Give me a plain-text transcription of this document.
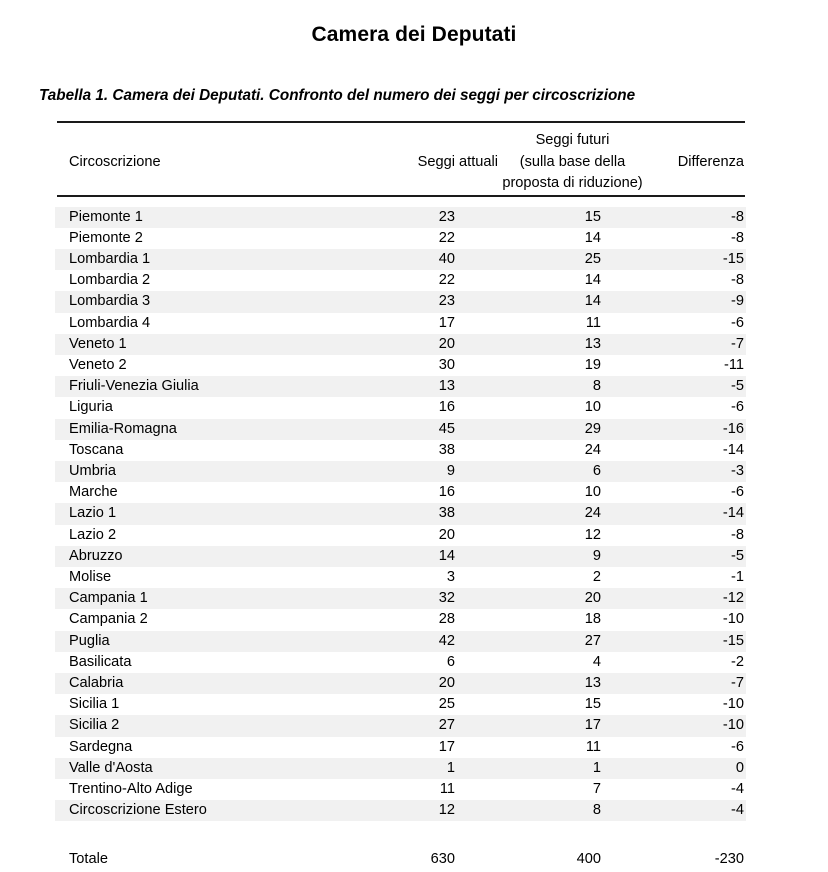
Camera dei Deputati
Tabella 1. Camera dei Deputati. Confronto del numero dei seggi per circoscrizione

		Seggi futuri	
Circoscrizione	Seggi attuali	(sulla base della	Differenza
		proposta di riduzione)	

Piemonte 1	23	15	-8
Piemonte 2	22	14	-8
Lombardia 1	40	25	-15
Lombardia 2	22	14	-8
Lombardia 3	23	14	-9
Lombardia 4	17	11	-6
Veneto 1	20	13	-7
Veneto 2	30	19	-11
Friuli-Venezia Giulia	13	8	-5
Liguria	16	10	-6
Emilia-Romagna	45	29	-16
Toscana	38	24	-14
Umbria	9	6	-3
Marche	16	10	-6
Lazio 1	38	24	-14
Lazio 2	20	12	-8
Abruzzo	14	9	-5
Molise	3	2	-1
Campania 1	32	20	-12
Campania 2	28	18	-10
Puglia	42	27	-15
Basilicata	6	4	-2
Calabria	20	13	-7
Sicilia 1	25	15	-10
Sicilia 2	27	17	-10
Sardegna	17	11	-6
Valle d'Aosta	1	1	0
Trentino-Alto Adige	11	7	-4
Circoscrizione Estero	12	8	-4

Totale	630	400	-230
